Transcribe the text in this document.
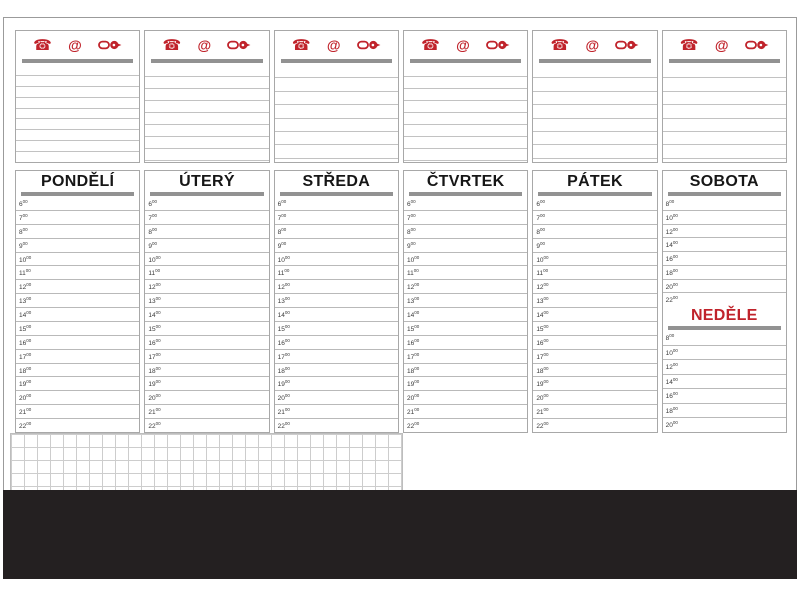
☎ @	☎ @	☎ @	☎ @	☎ @	☎ @
PONDĚLÍ
$6^{00}$
$7^{00}$
$8^{00}$
$9^{00}$
$10^{00}$
$11^{00}$
$12^{00}$
$13^{00}$
$14^{00}$
$15^{00}$
$16^{00}$
$17^{00}$
$18^{00}$
$19^{00}$
$20^{00}$
$21^{00}$
$22^{00}$
ÚTERÝ
$6^{00}$
$7^{00}$
$8^{00}$
$9^{00}$
$10^{00}$
$11^{00}$
$12^{00}$
$13^{00}$
$14^{00}$
$15^{00}$
$16^{00}$
$17^{00}$
$18^{00}$
$19^{00}$
$20^{00}$
$21^{00}$
$22^{00}$
STŘEDA
$6^{00}$
$7^{00}$
$8^{00}$
$9^{00}$
$10^{00}$
$11^{00}$
$12^{00}$
$13^{00}$
$14^{00}$
$15^{00}$
$16^{00}$
$17^{00}$
$18^{00}$
$19^{00}$
$20^{00}$
$21^{00}$
$22^{00}$
ČTVRTEK
$6^{00}$
$7^{00}$
$8^{00}$
$9^{00}$
$10^{00}$
$11^{00}$
$12^{00}$
$13^{00}$
$14^{00}$
$15^{00}$
$16^{00}$
$17^{00}$
$18^{00}$
$19^{00}$
$20^{00}$
$21^{00}$
$22^{00}$
PÁTEK
$6^{00}$
$7^{00}$
$8^{00}$
$9^{00}$
$10^{00}$
$11^{00}$
$12^{00}$
$13^{00}$
$14^{00}$
$15^{00}$
$16^{00}$
$17^{00}$
$18^{00}$
$19^{00}$
$20^{00}$
$21^{00}$
$22^{00}$
SOBOTA
$8^{00}$
$10^{00}$
$12^{00}$
$14^{00}$
$16^{00}$
$18^{00}$
$20^{00}$
$22^{00}$
NEDĚLE
$8^{00}$
$10^{00}$
$12^{00}$
$14^{00}$
$16^{00}$
$18^{00}$
$20^{00}$
